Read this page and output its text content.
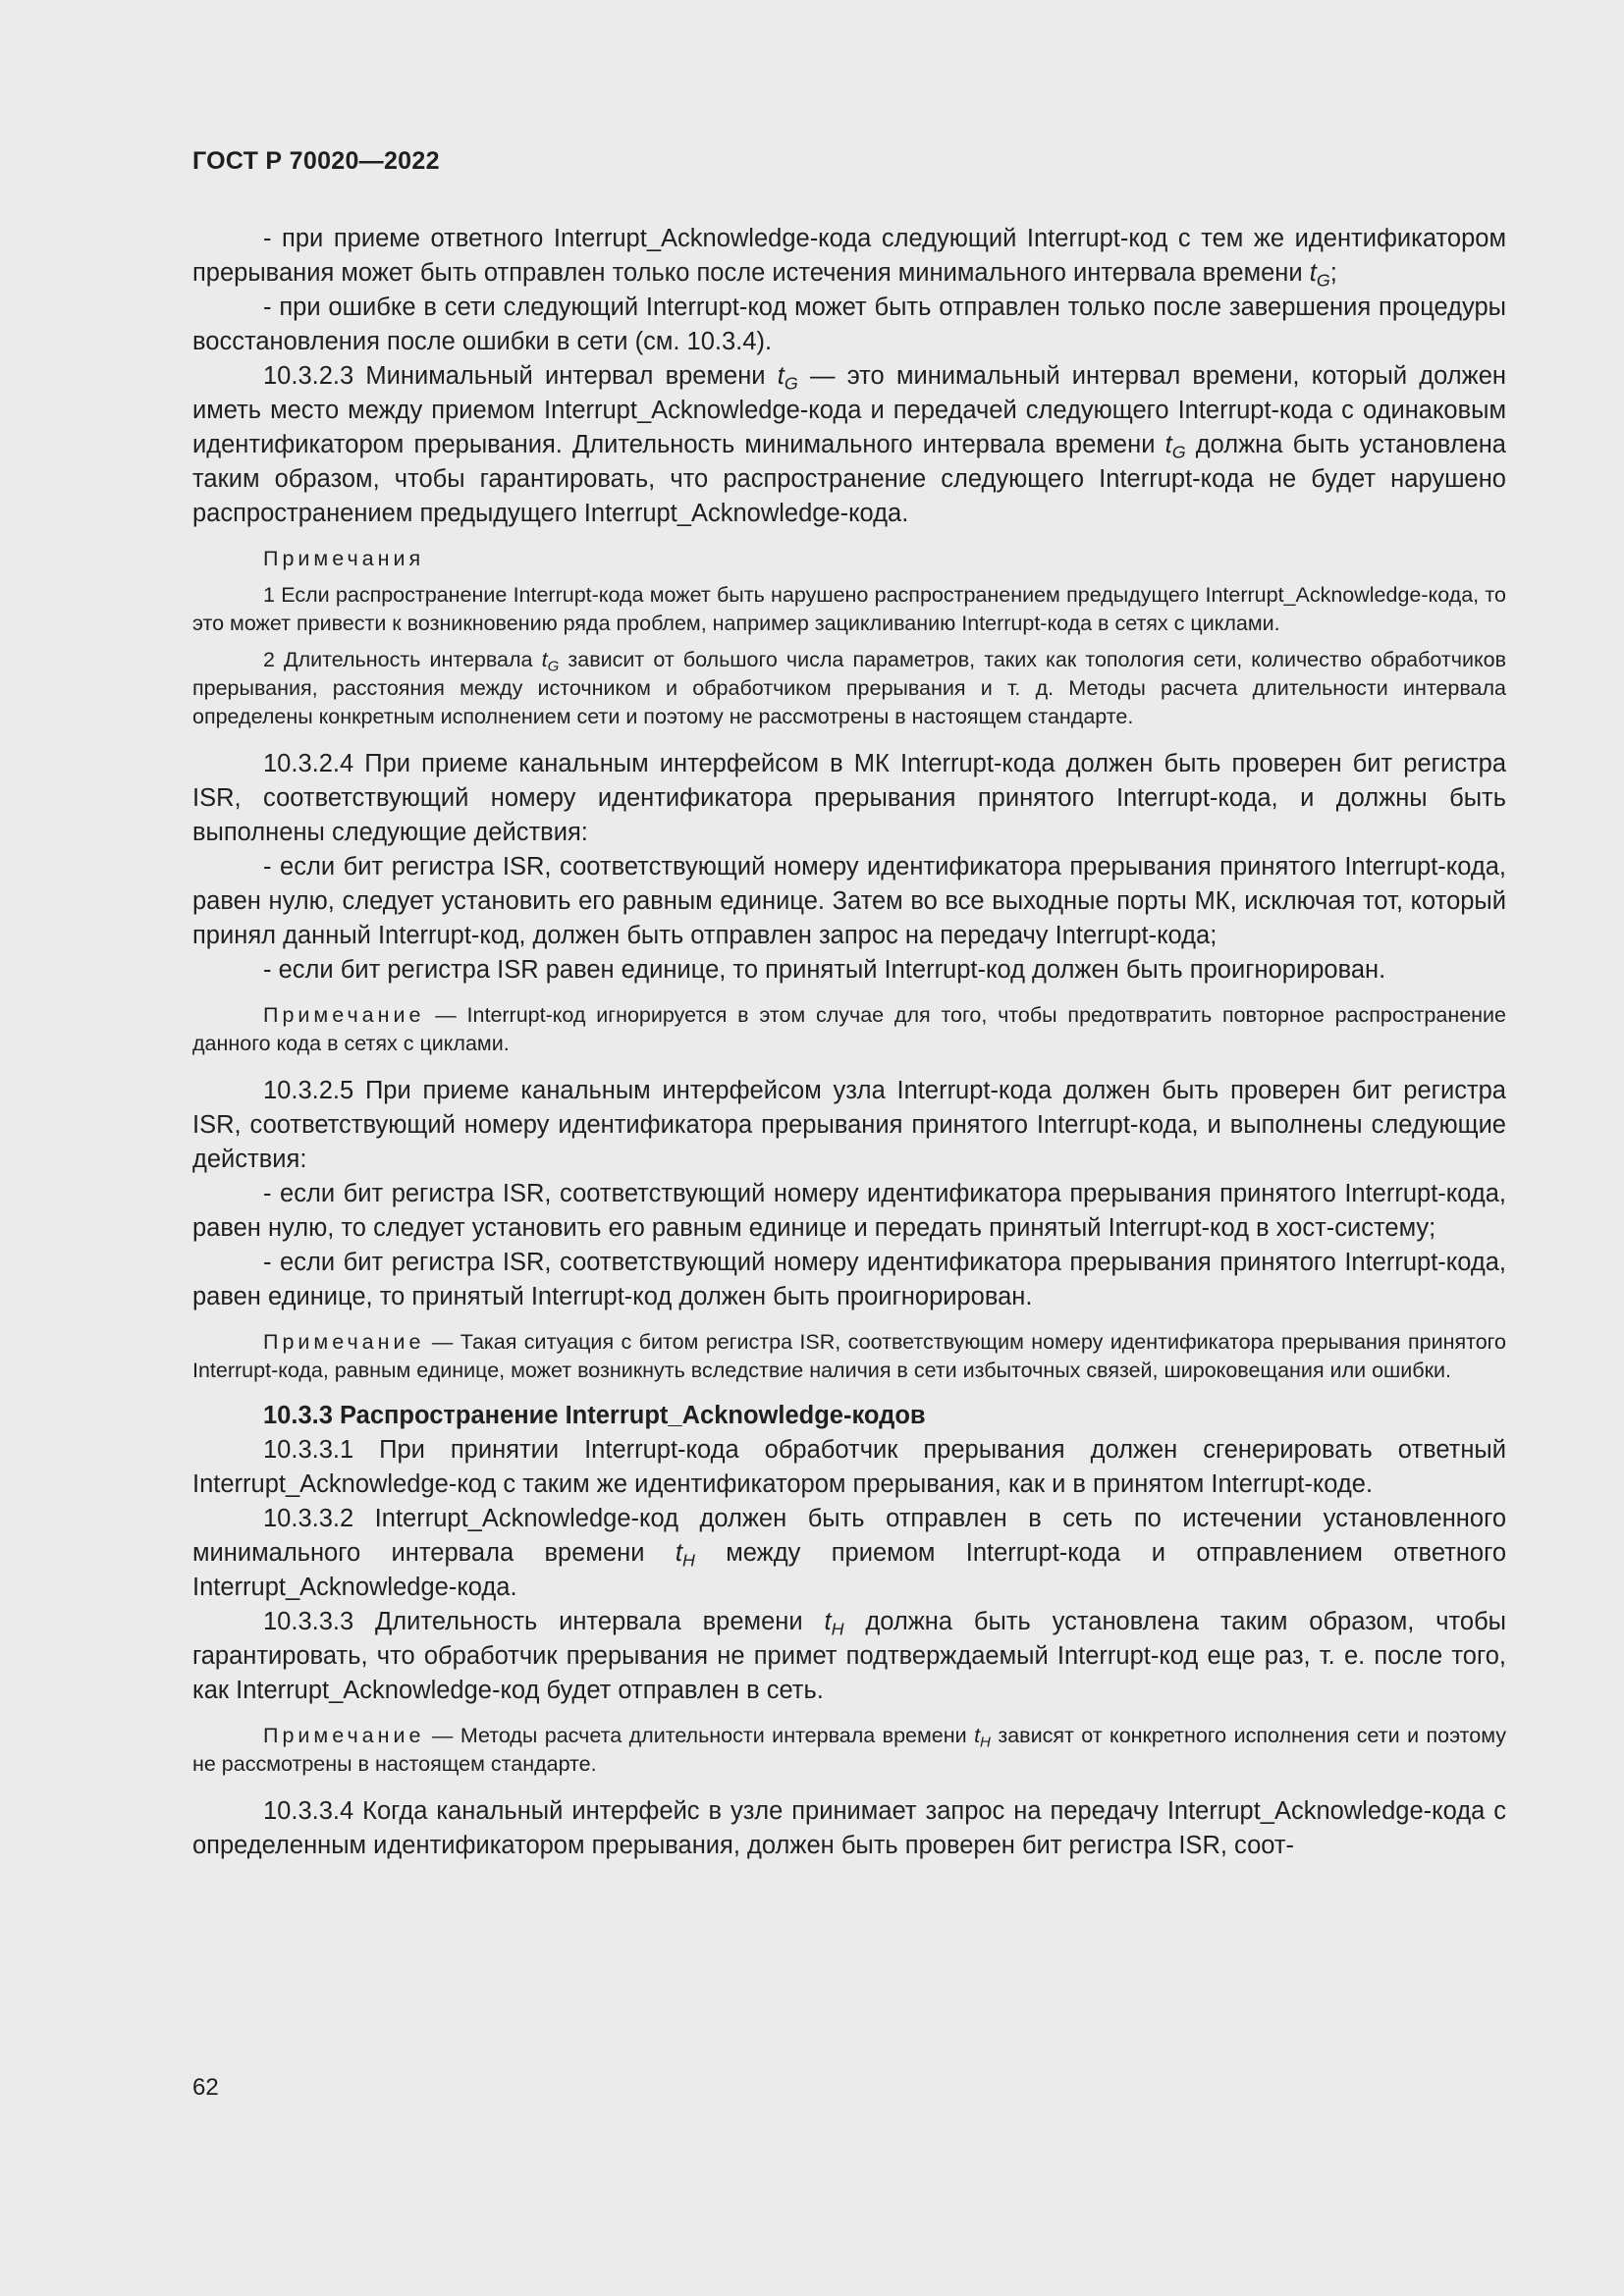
ГОСТ Р 70020—2022

- при приеме ответного Interrupt_Acknowledge-кода следующий Interrupt-код с тем же идентификатором прерывания может быть отправлен только после истечения минимального интервала времени $t_G$;

- при ошибке в сети следующий Interrupt-код может быть отправлен только после завершения процедуры восстановления после ошибки в сети (см. 10.3.4).

10.3.2.3 Минимальный интервал времени $t_G$ — это минимальный интервал времени, который должен иметь место между приемом Interrupt_Acknowledge-кода и передачей следующего Interrupt-кода с одинаковым идентификатором прерывания. Длительность минимального интервала времени $t_G$ должна быть установлена таким образом, чтобы гарантировать, что распространение следующего Interrupt-кода не будет нарушено распространением предыдущего Interrupt_Acknowledge-кода.

Примечания

1 Если распространение Interrupt-кода может быть нарушено распространением предыдущего Interrupt_Acknowledge-кода, то это может привести к возникновению ряда проблем, например зацикливанию Interrupt-кода в сетях с циклами.

2 Длительность интервала $t_G$ зависит от большого числа параметров, таких как топология сети, количество обработчиков прерывания, расстояния между источником и обработчиком прерывания и т. д. Методы расчета длительности интервала определены конкретным исполнением сети и поэтому не рассмотрены в настоящем стандарте.

10.3.2.4 При приеме канальным интерфейсом в МК Interrupt-кода должен быть проверен бит регистра ISR, соответствующий номеру идентификатора прерывания принятого Interrupt-кода, и должны быть выполнены следующие действия:

- если бит регистра ISR, соответствующий номеру идентификатора прерывания принятого Interrupt-кода, равен нулю, следует установить его равным единице. Затем во все выходные порты МК, исключая тот, который принял данный Interrupt-код, должен быть отправлен запрос на передачу Interrupt-кода;

- если бит регистра ISR равен единице, то принятый Interrupt-код должен быть проигнорирован.

Примечание — Interrupt-код игнорируется в этом случае для того, чтобы предотвратить повторное распространение данного кода в сетях с циклами.

10.3.2.5 При приеме канальным интерфейсом узла Interrupt-кода должен быть проверен бит регистра ISR, соответствующий номеру идентификатора прерывания принятого Interrupt-кода, и выполнены следующие действия:

- если бит регистра ISR, соответствующий номеру идентификатора прерывания принятого Interrupt-кода, равен нулю, то следует установить его равным единице и передать принятый Interrupt-код в хост-систему;

- если бит регистра ISR, соответствующий номеру идентификатора прерывания принятого Interrupt-кода, равен единице, то принятый Interrupt-код должен быть проигнорирован.

Примечание — Такая ситуация с битом регистра ISR, соответствующим номеру идентификатора прерывания принятого Interrupt-кода, равным единице, может возникнуть вследствие наличия в сети избыточных связей, широковещания или ошибки.

10.3.3 Распространение Interrupt_Acknowledge-кодов

10.3.3.1 При принятии Interrupt-кода обработчик прерывания должен сгенерировать ответный Interrupt_Acknowledge-код с таким же идентификатором прерывания, как и в принятом Interrupt-коде.

10.3.3.2 Interrupt_Acknowledge-код должен быть отправлен в сеть по истечении установленного минимального интервала времени $t_H$ между приемом Interrupt-кода и отправлением ответного Interrupt_Acknowledge-кода.

10.3.3.3 Длительность интервала времени $t_H$ должна быть установлена таким образом, чтобы гарантировать, что обработчик прерывания не примет подтверждаемый Interrupt-код еще раз, т. е. после того, как Interrupt_Acknowledge-код будет отправлен в сеть.

Примечание — Методы расчета длительности интервала времени $t_H$ зависят от конкретного исполнения сети и поэтому не рассмотрены в настоящем стандарте.

10.3.3.4 Когда канальный интерфейс в узле принимает запрос на передачу Interrupt_Acknowledge-кода с определенным идентификатором прерывания, должен быть проверен бит регистра ISR, соот-

62
